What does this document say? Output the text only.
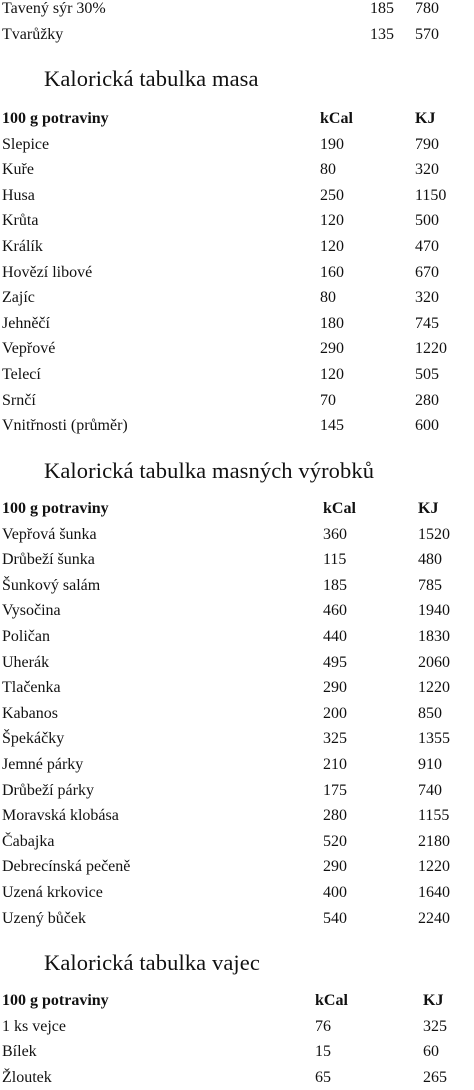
Tavený sýr 30%	185 780
Tvarůžky	135 570
Kalorická tabulka masa
100 g potraviny	kCal	KJ
Slepice	190	790
Kuře	80	320
Husa	250	1150
Krůta	120	500
Králík	120	470
Hovězí libové	160	670
Zajíc	80	320
Jehněčí	180	745
Vepřové	290	1220
Telecí	120	505
Srnčí	70	280
Vnitřnosti (průměr)	145	600
Kalorická tabulka masných výrobků
100 g potraviny	kCal	KJ
Vepřová šunka	360	1520
Drůbeží šunka	115	480
Šunkový salám	185	785
Vysočina	460	1940
Poličan	440	1830
Uherák	495	2060
Tlačenka	290	1220
Kabanos	200	850
Špekáčky	325	1355
Jemné párky	210	910
Drůbeží párky	175	740
Moravská klobása	280	1155
Čabajka	520	2180
Debrecínská pečeně	290	1220
Uzená krkovice	400	1640
Uzený bůček	540	2240
Kalorická tabulka vajec
100 g potraviny	kCal	KJ
1 ks vejce	76	325
Bílek	15	60
Žloutek	65	265
